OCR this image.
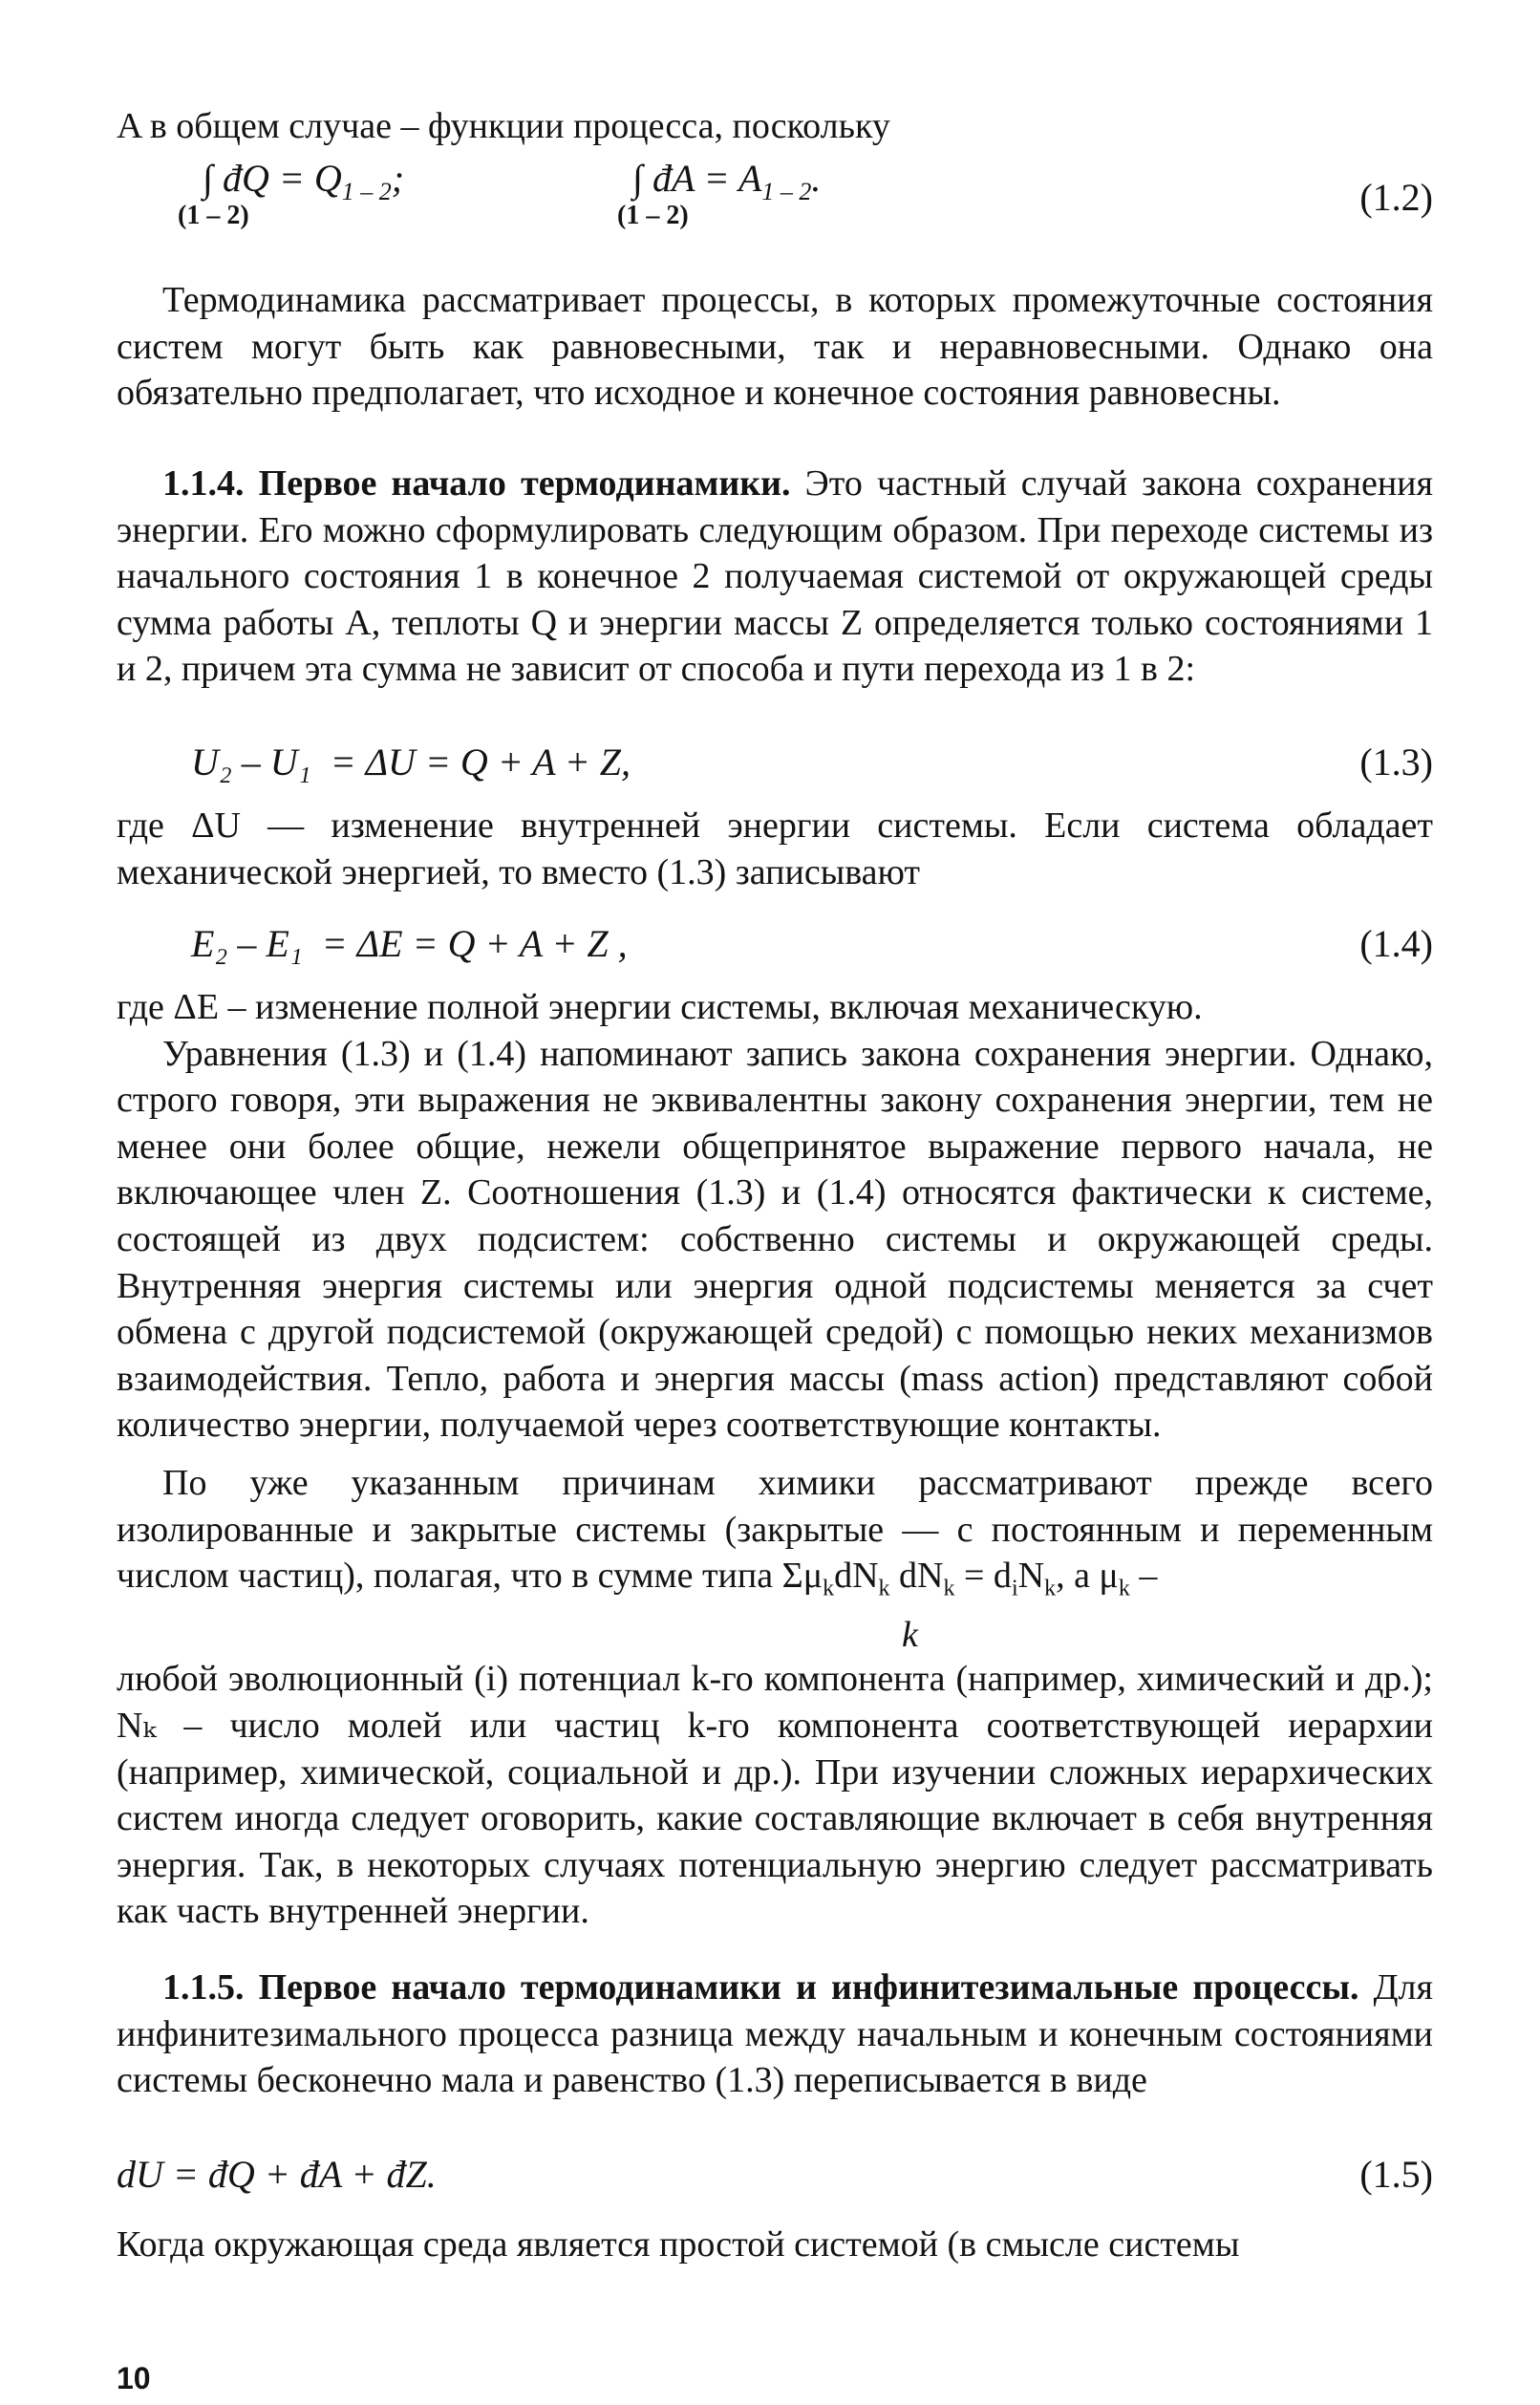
A в общем случае – функции процесса, поскольку

∫ đQ = $Q_{1 - 2}$;
(1 – 2)
∫ đA = $A_{1 - 2}$.
(1 – 2)	(1.2)

Термодинамика рассматривает процессы, в которых промежуточные состояния систем могут быть как равновесными, так и неравновесными. Однако она обязательно предполагает, что исходное и конечное состояния равновесны.

1.1.4. Первое начало термодинамики. Это частный случай закона сохранения энергии. Его можно сформулировать следующим образом. При переходе системы из начального состояния 1 в конечное 2 получаемая системой от окружающей среды сумма работы A, теплоты Q и энергии массы Z определяется только состояниями 1 и 2, причем эта сумма не зависит от способа и пути перехода из 1 в 2:

U₂ – U₁  = ΔU = Q + A + Z,

	(1.3)

где ΔU — изменение внутренней энергии системы. Если система обладает механической энергией, то вместо (1.3) записывают

E₂ – E₁  = ΔE = Q + A + Z ,

	(1.4)

где ΔE – изменение полной энергии системы, включая механическую.

Уравнения (1.3) и (1.4) напоминают запись закона сохранения энергии. Однако, строго говоря, эти выражения не эквивалентны закону сохранения энергии, тем не менее они более общие, нежели общепринятое выражение первого начала, не включающее член Z. Соотношения (1.3) и (1.4) относятся фактически к системе, состоящей из двух подсистем: собственно системы и окружающей среды. Внутренняя энергия системы или энергия одной подсистемы меняется за счет обмена с другой подсистемой (окружающей средой) с помощью неких механизмов взаимодействия. Тепло, работа и энергия массы (mass action) представляют собой количество энергии, получаемой через соответствующие контакты.

По уже указанным причинам химики рассматривают прежде всего изолированные и закрытые системы (закрытые — с постоянным и переменным числом частиц), полагая, что в сумме типа $\Sigma\mu_kdN_k$ $dN_k = d_iN_k$, а $\mu_k$ –

k

любой эволюционный (i) потенциал k-го компонента (например, химический и др.); Nₖ – число молей или частиц k-го компонента соответствующей иерархии (например, химической, социальной и др.). При изучении сложных иерархических систем иногда следует оговорить, какие составляющие включает в себя внутренняя энергия. Так, в некоторых случаях потенциальную энергию следует рассматривать как часть внутренней энергии.

1.1.5. Первое начало термодинамики и инфинитезимальные процессы. Для инфинитезимального процесса разница между начальным и конечным состояниями системы бесконечно мала и равенство (1.3) переписывается в виде

dU = đQ + đA + đZ.

	(1.5)

Когда окружающая среда является простой системой (в смысле системы

10
